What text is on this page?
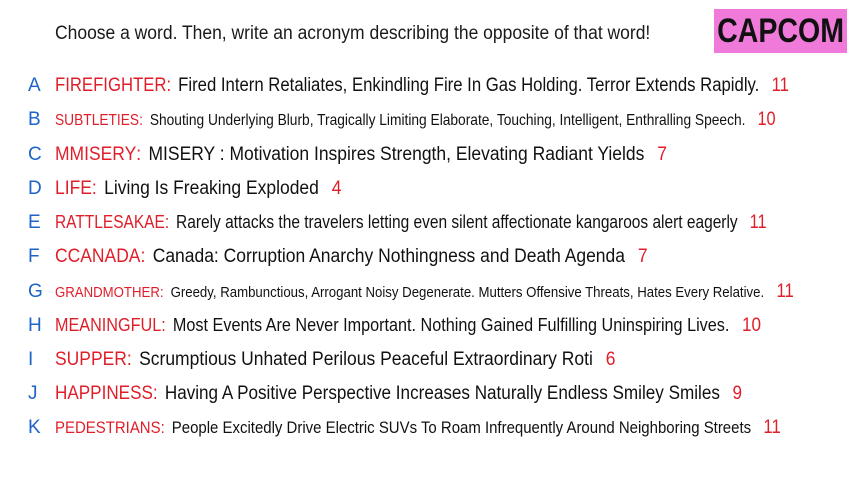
Choose a word. Then, write an acronym describing the opposite of that word! CAPCOM
A FIREFIGHTER : Fired Intern Retaliates, Enkindling Fire In Gas Holding. Terror Extends Rapidly. 11
B SUBTLETIES : Shouting Underlying Blurb, Tragically Limiting Elaborate, Touching, Intelligent, Enthralling Speech. 10
C MMISERY : MISERY : Motivation Inspires Strength, Elevating Radiant Yields 7
D LIFE : Living Is Freaking Exploded 4
E RATTLESAKAE : Rarely attacks the travelers letting even silent affectionate kangaroos alert eagerly 11
F CCANADA : Canada: Corruption Anarchy Nothingness and Death Agenda 7
G GRANDMOTHER : Greedy, Rambunctious, Arrogant Noisy Degenerate. Mutters Offensive Threats, Hates Every Relative. 11
H MEANINGFUL : Most Events Are Never Important. Nothing Gained Fulfilling Uninspiring Lives. 10
I	SUPPER : Scrumptious Unhated Perilous Peaceful Extraordinary Roti 6
J HAPPINESS : Having A Positive Perspective Increases Naturally Endless Smiley Smiles 9
K PEDESTRIANS : People Excitedly Drive Electric SUVs To Roam Infrequently Around Neighboring Streets 11
